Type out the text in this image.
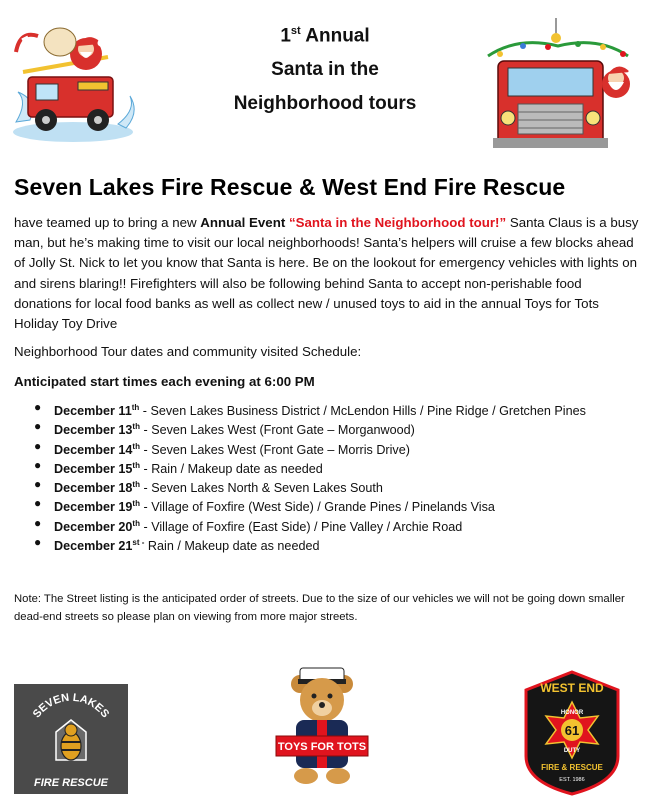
1st Annual
Santa in the
Neighborhood tours
Seven Lakes Fire Rescue & West End Fire Rescue
have teamed up to bring a new Annual Event “Santa in the Neighborhood tour!” Santa Claus is a busy man, but he’s making time to visit our local neighborhoods! Santa’s helpers will cruise a few blocks ahead of Jolly St. Nick to let you know that Santa is here. Be on the lookout for emergency vehicles with lights on and sirens blaring!! Firefighters will also be following behind Santa to accept non-perishable food donations for local food banks as well as collect new / unused toys to aid in the annual Toys for Tots Holiday Toy Drive
Neighborhood Tour dates and community visited Schedule:
Anticipated start times each evening at 6:00 PM
● December 11th - Seven Lakes Business District / McLendon Hills / Pine Ridge / Gretchen Pines
● December 13th - Seven Lakes West (Front Gate – Morganwood)
● December 14th - Seven Lakes West (Front Gate – Morris Drive)
● December 15th - Rain / Makeup date as needed
● December 18th - Seven Lakes North & Seven Lakes South
● December 19th - Village of Foxfire (West Side) / Grande Pines / Pinelands Visa
● December 20th - Village of Foxfire (East Side) / Pine Valley / Archie Road
● December $21^{st -}$ Rain / Makeup date as needed
Note: The Street listing is the anticipated order of streets. Due to the size of our vehicles we will not be going down smaller dead-end streets so please plan on viewing from more major streets.
SEVEN LAKES
FIRE RESCUE
TOYS FOR TOTS
WEST END
HONOR
61
DUTY
FIRE & RESCUE
EST. 1986
